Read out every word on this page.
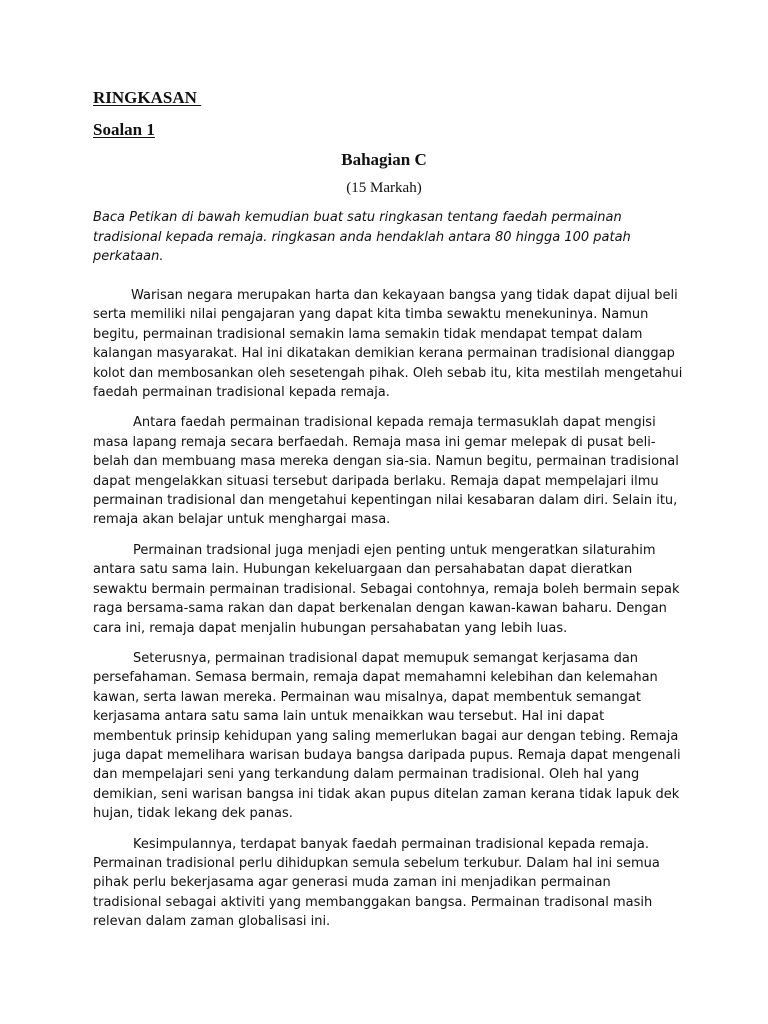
RINGKASAN
Soalan 1
Bahagian C
(15 Markah)
Baca Petikan di bawah kemudian buat satu ringkasan tentang faedah permainan tradisional kepada remaja. ringkasan anda hendaklah antara 80 hingga 100 patah perkataan.

Warisan negara merupakan harta dan kekayaan bangsa yang tidak dapat dijual beli serta memiliki nilai pengajaran yang dapat kita timba sewaktu menekuninya. Namun begitu, permainan tradisional semakin lama semakin tidak mendapat tempat dalam kalangan masyarakat. Hal ini dikatakan demikian kerana permainan tradisional dianggap kolot dan membosankan oleh sesetengah pihak. Oleh sebab itu, kita mestilah mengetahui faedah permainan tradisional kepada remaja.

Antara faedah permainan tradisional kepada remaja termasuklah dapat mengisi masa lapang remaja secara berfaedah. Remaja masa ini gemar melepak di pusat beli-belah dan membuang masa mereka dengan sia-sia. Namun begitu, permainan tradisional dapat mengelakkan situasi tersebut daripada berlaku. Remaja dapat mempelajari ilmu permainan tradisional dan mengetahui kepentingan nilai kesabaran dalam diri. Selain itu, remaja akan belajar untuk menghargai masa.

Permainan tradsional juga menjadi ejen penting untuk mengeratkan silaturahim antara satu sama lain. Hubungan kekeluargaan dan persahabatan dapat dieratkan sewaktu bermain permainan tradisional. Sebagai contohnya, remaja boleh bermain sepak raga bersama-sama rakan dan dapat berkenalan dengan kawan-kawan baharu. Dengan cara ini, remaja dapat menjalin hubungan persahabatan yang lebih luas.

Seterusnya, permainan tradisional dapat memupuk semangat kerjasama dan persefahaman. Semasa bermain, remaja dapat memahamni kelebihan dan kelemahan kawan, serta lawan mereka. Permainan wau misalnya, dapat membentuk semangat kerjasama antara satu sama lain untuk menaikkan wau tersebut. Hal ini dapat membentuk prinsip kehidupan yang saling memerlukan bagai aur dengan tebing. Remaja juga dapat memelihara warisan budaya bangsa daripada pupus. Remaja dapat mengenali dan mempelajari seni yang terkandung dalam permainan tradisional. Oleh hal yang demikian, seni warisan bangsa ini tidak akan pupus ditelan zaman kerana tidak lapuk dek hujan, tidak lekang dek panas.

Kesimpulannya, terdapat banyak faedah permainan tradisional kepada remaja. Permainan tradisional perlu dihidupkan semula sebelum terkubur. Dalam hal ini semua pihak perlu bekerjasama agar generasi muda zaman ini menjadikan permainan tradisional sebagai aktiviti yang membanggakan bangsa. Permainan tradisonal masih relevan dalam zaman globalisasi ini.
